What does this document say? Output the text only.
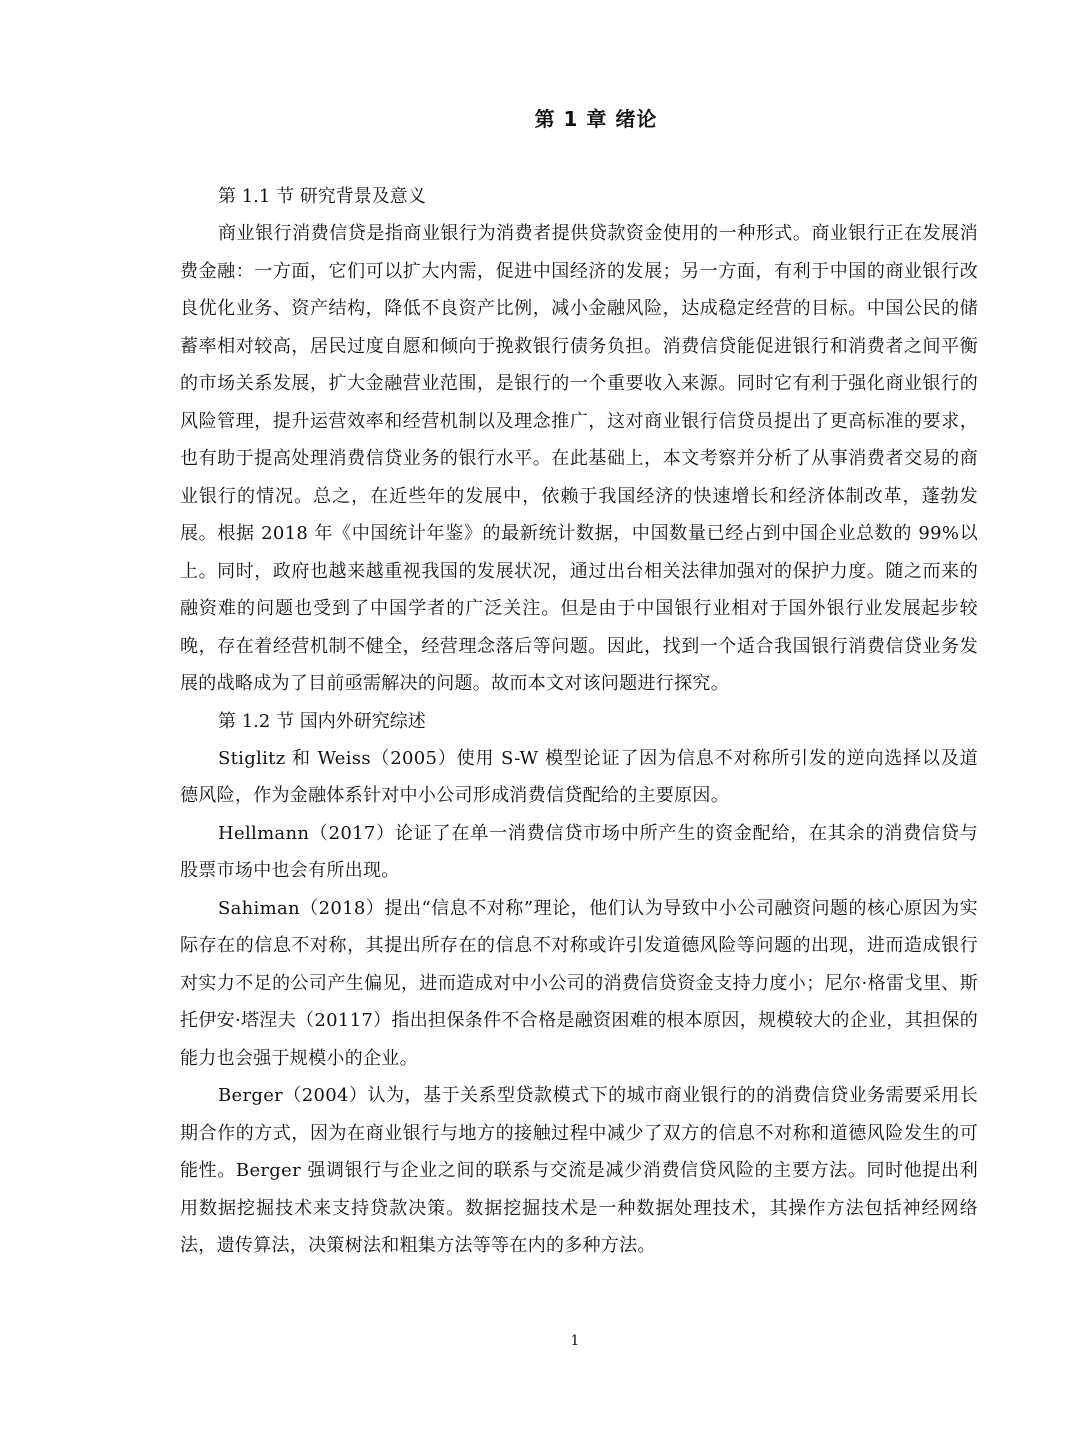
第 1 章 绪论

第 1.1 节 研究背景及意义

商业银行消费信贷是指商业银行为消费者提供贷款资金使用的一种形式。商业银行正在发展消费金融：一方面，它们可以扩大内需，促进中国经济的发展；另一方面，有利于中国的商业银行改良优化业务、资产结构，降低不良资产比例，减小金融风险，达成稳定经营的目标。中国公民的储蓄率相对较高，居民过度自愿和倾向于挽救银行债务负担。消费信贷能促进银行和消费者之间平衡的市场关系发展，扩大金融营业范围，是银行的一个重要收入来源。同时它有利于强化商业银行的风险管理，提升运营效率和经营机制以及理念推广，这对商业银行信贷员提出了更高标准的要求，也有助于提高处理消费信贷业务的银行水平。在此基础上，本文考察并分析了从事消费者交易的商业银行的情况。总之，在近些年的发展中，依赖于我国经济的快速增长和经济体制改革，蓬勃发展。根据 2018 年《中国统计年鉴》的最新统计数据，中国数量已经占到中国企业总数的 99%以上。同时，政府也越来越重视我国的发展状况，通过出台相关法律加强对的保护力度。随之而来的融资难的问题也受到了中国学者的广泛关注。但是由于中国银行业相对于国外银行业发展起步较晚，存在着经营机制不健全，经营理念落后等问题。因此，找到一个适合我国银行消费信贷业务发展的战略成为了目前亟需解决的问题。故而本文对该问题进行探究。

第 1.2 节 国内外研究综述

Stiglitz 和 Weiss（2005）使用 S-W 模型论证了因为信息不对称所引发的逆向选择以及道德风险，作为金融体系针对中小公司形成消费信贷配给的主要原因。

Hellmann（2017）论证了在单一消费信贷市场中所产生的资金配给，在其余的消费信贷与股票市场中也会有所出现。

Sahiman（2018）提出“信息不对称”理论，他们认为导致中小公司融资问题的核心原因为实际存在的信息不对称，其提出所存在的信息不对称或许引发道德风险等问题的出现，进而造成银行对实力不足的公司产生偏见，进而造成对中小公司的消费信贷资金支持力度小；尼尔·格雷戈里、斯托伊安·塔涅夫（20117）指出担保条件不合格是融资困难的根本原因，规模较大的企业，其担保的能力也会强于规模小的企业。

Berger（2004）认为，基于关系型贷款模式下的城市商业银行的的消费信贷业务需要采用长期合作的方式，因为在商业银行与地方的接触过程中减少了双方的信息不对称和道德风险发生的可能性。Berger 强调银行与企业之间的联系与交流是减少消费信贷风险的主要方法。同时他提出利用数据挖掘技术来支持贷款决策。数据挖掘技术是一种数据处理技术，其操作方法包括神经网络法，遗传算法，决策树法和粗集方法等等在内的多种方法。

1
